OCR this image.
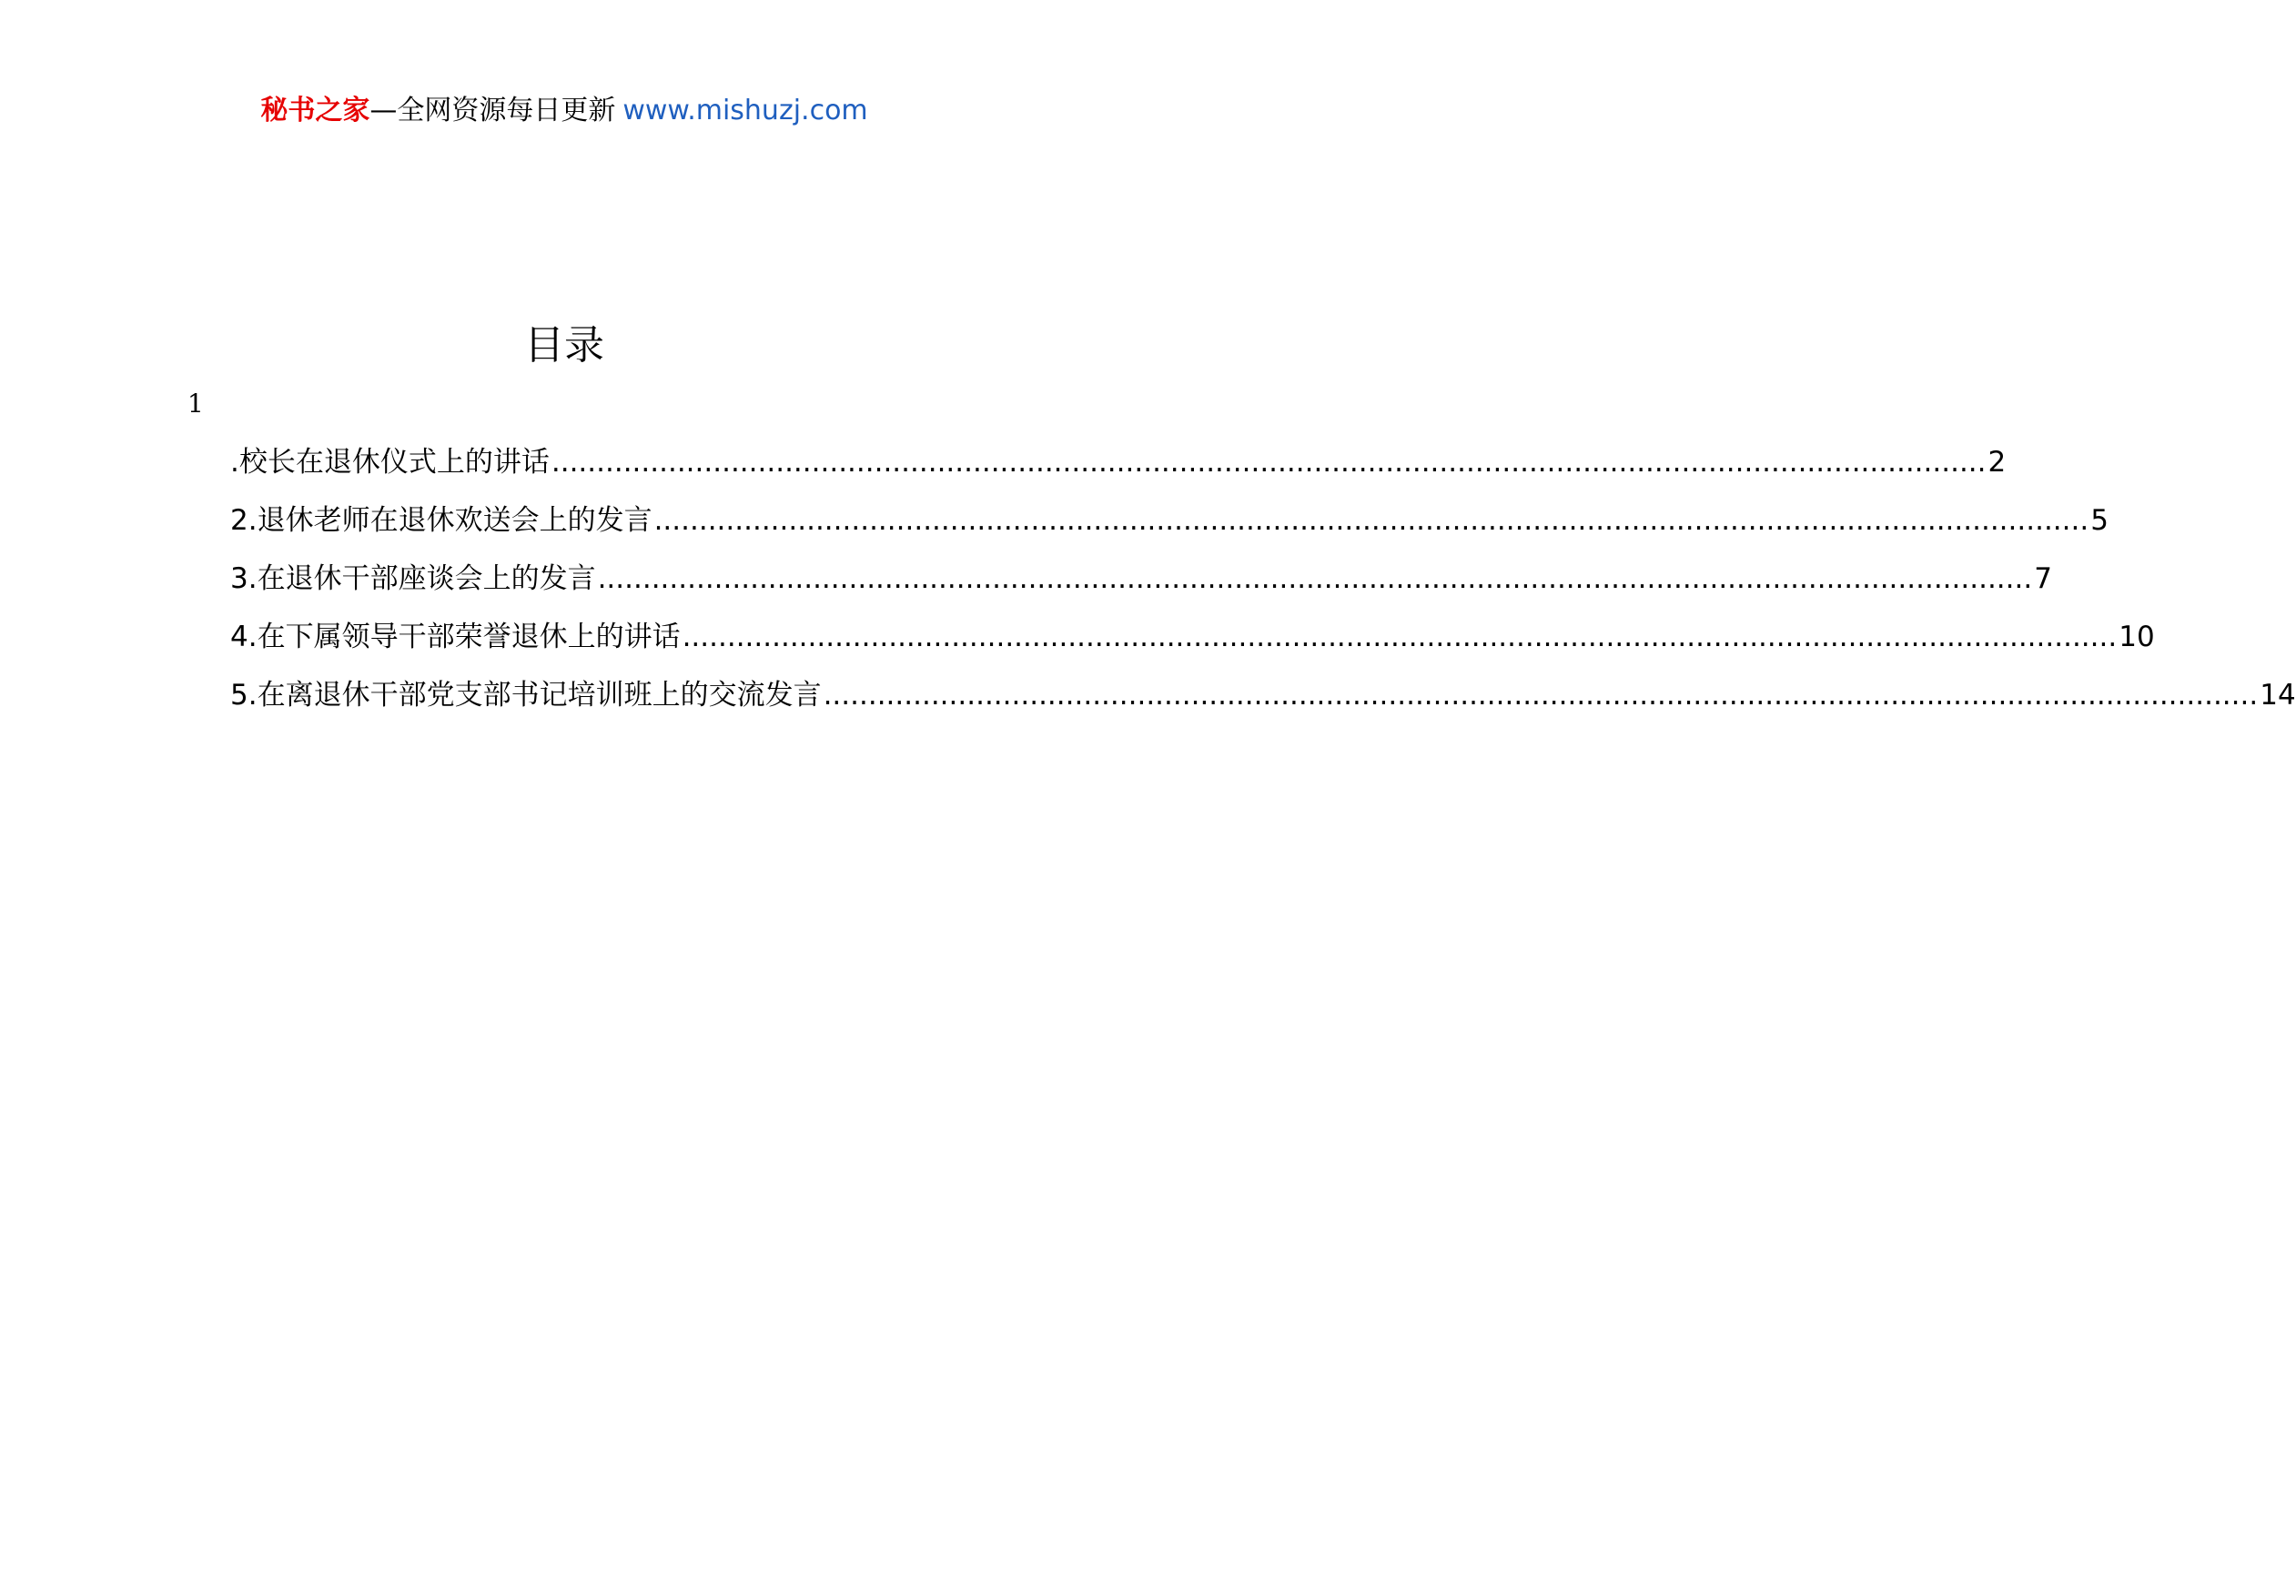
秘书之家—全网资源每日更新 www.mishuzj.com
目录
1
.校长在退休仪式上的讲话 .....	2
2.退休老师在退休欢送会上的发言 .....	5
3.在退休干部座谈会上的发言 .....	7
4.在下属领导干部荣誉退休上的讲话 .....	10
5.在离退休干部党支部书记培训班上的交流发言 .....	14
